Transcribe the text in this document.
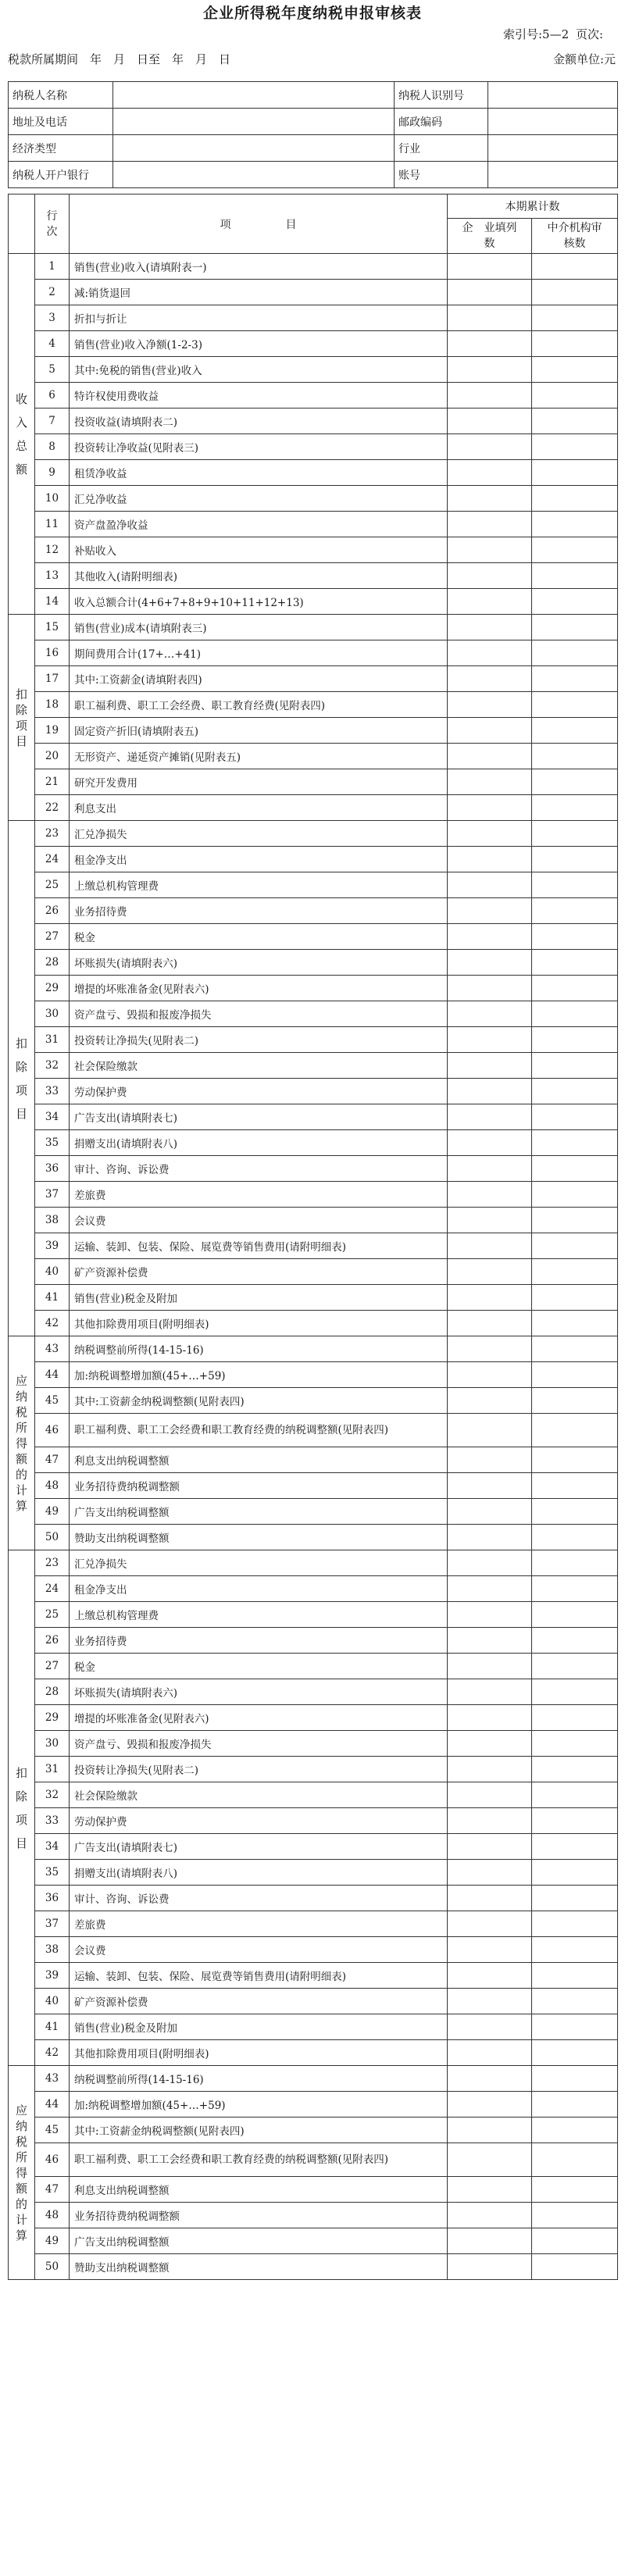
企业所得税年度纳税申报审核表
索引号:5—2 页次:
税款所属期间　年　月　日至　年　月　日	金额单位:元
纳税人名称		纳税人识别号	
地址及电话		邮政编码	
经济类型		行业	
纳税人开户银行		账号	

	行次	项　　　　　目	本期累计数	
			企　业填列数	中介机构审核数

收入总额	1	销售(营业)收入(请填附表一)		
	2	减:销货退回		
	3	折扣与折让		
	4	销售(营业)收入净额(1-2-3)		
	5	其中:免税的销售(营业)收入		
	6	特许权使用费收益		
	7	投资收益(请填附表二)		
	8	投资转让净收益(见附表三)		
	9	租赁净收益		
	10	汇兑净收益		
	11	资产盘盈净收益		
	12	补贴收入		
	13	其他收入(请附明细表)		
	14	收入总额合计(4+6+7+8+9+10+11+12+13)		

扣除项目	15	销售(营业)成本(请填附表三)		
	16	期间费用合计(17+…+41)		
	17	其中:工资薪金(请填附表四)		
	18	职工福利费、职工工会经费、职工教育经费(见附表四)		
	19	固定资产折旧(请填附表五)		
	20	无形资产、递延资产摊销(见附表五)		
	21	研究开发费用		
	22	利息支出		

扣除项目	23	汇兑净损失		
	24	租金净支出		
	25	上缴总机构管理费		
	26	业务招待费		
	27	税金		
	28	坏账损失(请填附表六)		
	29	增提的坏账准备金(见附表六)		
	30	资产盘亏、毁损和报废净损失		
	31	投资转让净损失(见附表二)		
	32	社会保险缴款		
	33	劳动保护费		
	34	广告支出(请填附表七)		
	35	捐赠支出(请填附表八)		
	36	审计、咨询、诉讼费		
	37	差旅费		
	38	会议费		
	39	运输、装卸、包装、保险、展览费等销售费用(请附明细表)		
	40	矿产资源补偿费		
	41	销售(营业)税金及附加		
	42	其他扣除费用项目(附明细表)		

应纳税所得额的计算	43	纳税调整前所得(14-15-16)		
	44	加:纳税调整增加额(45+…+59)		
	45	其中:工资薪金纳税调整额(见附表四)		
	46	职工福利费、职工工会经费和职工教育经费的纳税调整额(见附表四)		
	47	利息支出纳税调整额		
	48	业务招待费纳税调整额		
	49	广告支出纳税调整额		
	50	赞助支出纳税调整额		

扣除项目	23	汇兑净损失		
	24	租金净支出		
	25	上缴总机构管理费		
	26	业务招待费		
	27	税金		
	28	坏账损失(请填附表六)		
	29	增提的坏账准备金(见附表六)		
	30	资产盘亏、毁损和报废净损失		
	31	投资转让净损失(见附表二)		
	32	社会保险缴款		
	33	劳动保护费		
	34	广告支出(请填附表七)		
	35	捐赠支出(请填附表八)		
	36	审计、咨询、诉讼费		
	37	差旅费		
	38	会议费		
	39	运输、装卸、包装、保险、展览费等销售费用(请附明细表)		
	40	矿产资源补偿费		
	41	销售(营业)税金及附加		
	42	其他扣除费用项目(附明细表)		

应纳税所得额的计算	43	纳税调整前所得(14-15-16)		
	44	加:纳税调整增加额(45+…+59)		
	45	其中:工资薪金纳税调整额(见附表四)		
	46	职工福利费、职工工会经费和职工教育经费的纳税调整额(见附表四)		
	47	利息支出纳税调整额		
	48	业务招待费纳税调整额		
	49	广告支出纳税调整额		
	50	赞助支出纳税调整额		
